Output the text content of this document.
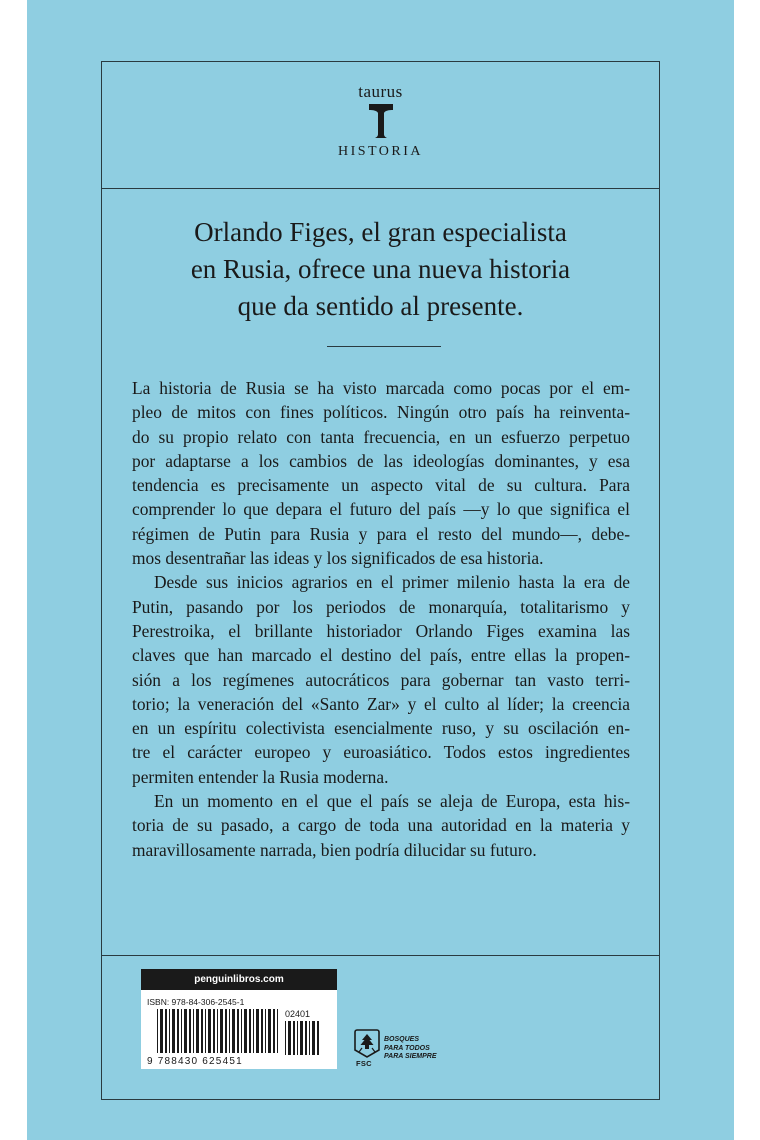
taurus
HISTORIA
Orlando Figes, el gran especialista
en Rusia, ofrece una nueva historia
que da sentido al presente.

La historia de Rusia se ha visto marcada como pocas por el em-
pleo de mitos con fines políticos. Ningún otro país ha reinventa-
do su propio relato con tanta frecuencia, en un esfuerzo perpetuo
por adaptarse a los cambios de las ideologías dominantes, y esa
tendencia es precisamente un aspecto vital de su cultura. Para
comprender lo que depara el futuro del país —y lo que significa el
régimen de Putin para Rusia y para el resto del mundo—, debe-
mos desentrañar las ideas y los significados de esa historia.

Desde sus inicios agrarios en el primer milenio hasta la era de
Putin, pasando por los periodos de monarquía, totalitarismo y
Perestroika, el brillante historiador Orlando Figes examina las
claves que han marcado el destino del país, entre ellas la propen-
sión a los regímenes autocráticos para gobernar tan vasto terri-
torio; la veneración del «Santo Zar» y el culto al líder; la creencia
en un espíritu colectivista esencialmente ruso, y su oscilación en-
tre el carácter europeo y euroasiático. Todos estos ingredientes
permiten entender la Rusia moderna.

En un momento en el que el país se aleja de Europa, esta his-
toria de su pasado, a cargo de toda una autoridad en la materia y
maravillosamente narrada, bien podría dilucidar su futuro.

penguinlibros.com
ISBN: 978-84-306-2545-1
9 788430 625451
02401
FSC
BOSQUES
PARA TODOS
PARA SIEMPRE
